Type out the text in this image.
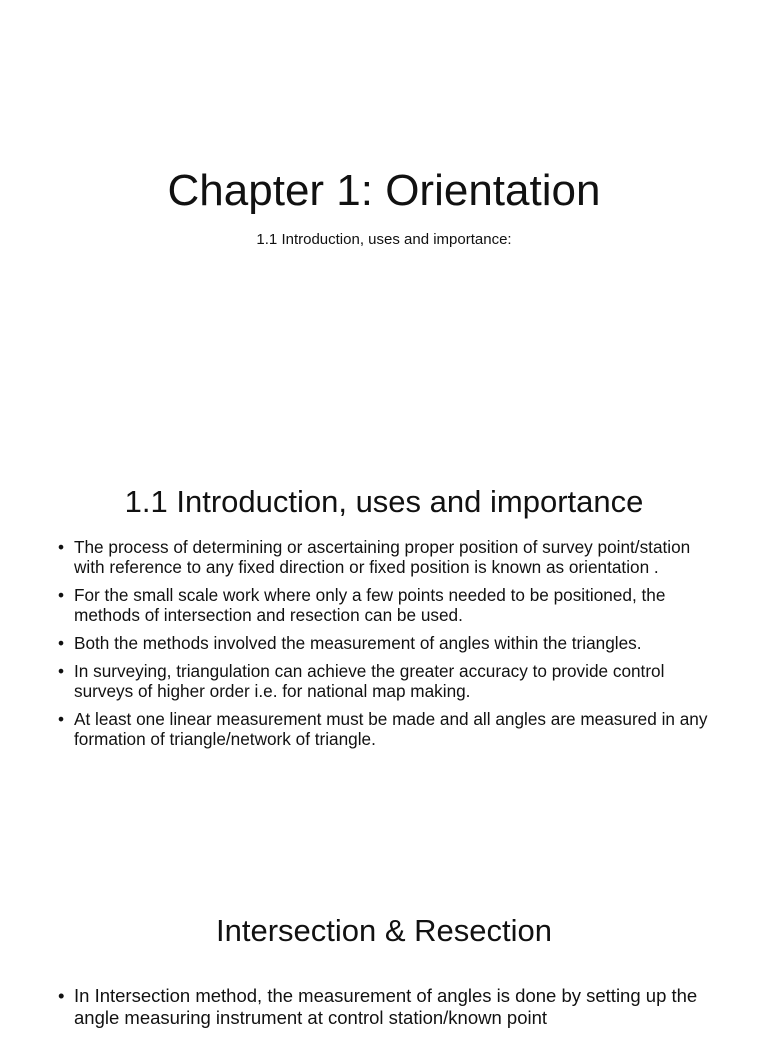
Chapter 1: Orientation

1.1 Introduction, uses and importance:

1.1 Introduction, uses and importance
• The process of determining or ascertaining proper position of survey point/station with reference to any fixed direction or fixed position is known as orientation .
• For the small scale work where only a few points needed to be positioned, the methods of intersection and resection can be used.
• Both the methods involved the measurement of angles within the triangles.
• In surveying, triangulation can achieve the greater accuracy to provide control surveys of higher order i.e. for national map making.
• At least one linear measurement must be made and all angles are measured in any formation of triangle/network of triangle.
Intersection & Resection
• In Intersection method, the measurement of angles is done by setting up the angle measuring instrument at control station/known point
